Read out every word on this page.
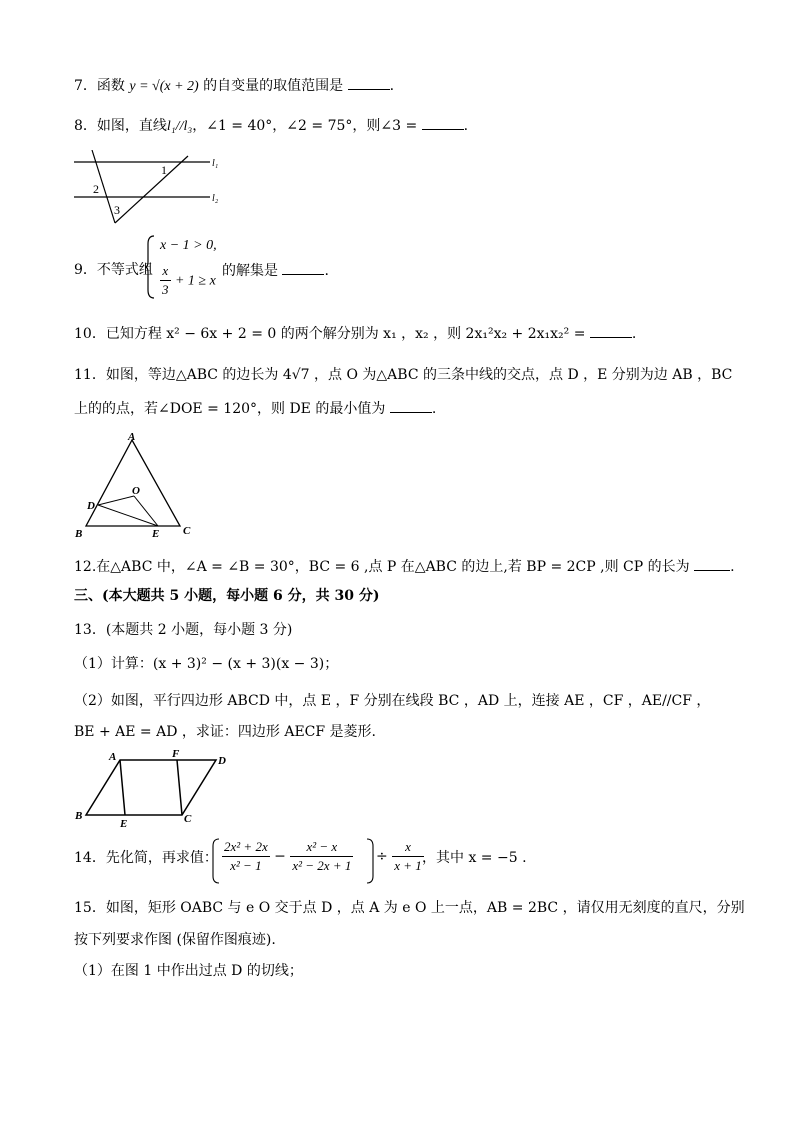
7．函数 y = √(x + 2) 的自变量的取值范围是	.
8．如图，直线l₁//l₃，∠1 = 40°，∠2 = 75°，则∠3 =	.
1
2
3
l₁
l₂
9．不等式组
x − 1 > 0,
$\frac{x}{3} + 1 \ge x$
的解集是	.
10．已知方程 x² − 6x + 2 = 0 的两个解分别为 x₁ ，x₂ ，则 2x₁²x₂ + 2x₁x₂² =	.
11．如图，等边△ABC 的边长为 4√7 ，点 O 为△ABC 的三条中线的交点，点 D ，E 分别为边 AB ，BC
上的的点，若∠DOE = 120°，则 DE 的最小值为	.
A
O
D
B	E C
12.在△ABC 中，∠A = ∠B = 30°，BC = 6 ,点 P 在△ABC 的边上,若 BP = 2CP ,则 CP 的长为	.
三、(本大题共 5 小题，每小题 6 分，共 30 分)
13．(本题共 2 小题，每小题 3 分)
（1）计算：(x + 3)² − (x + 3)(x − 3)；
（2）如图，平行四边形 ABCD 中，点 E ，F 分别在线段 BC ，AD 上，连接 AE ，CF ，AE//CF ，
BE + AE = AD ，求证：四边形 AECF 是菱形.
A	F
D
B
E	C
14．先化简，再求值： $\frac{\text{2x² + 2x}}{\text{x² − 1}} - \frac{\text{x² − x}}{\text{x² − 2x + 1}} \div \frac{x}{x + 1}$
，其中 x = −5 .
15．如图，矩形 OABC 与 e O 交于点 D ，点 A 为 e O 上一点，AB = 2BC ，请仅用无刻度的直尺，分别
按下列要求作图 (保留作图痕迹).
（1）在图 1 中作出过点 D 的切线；
